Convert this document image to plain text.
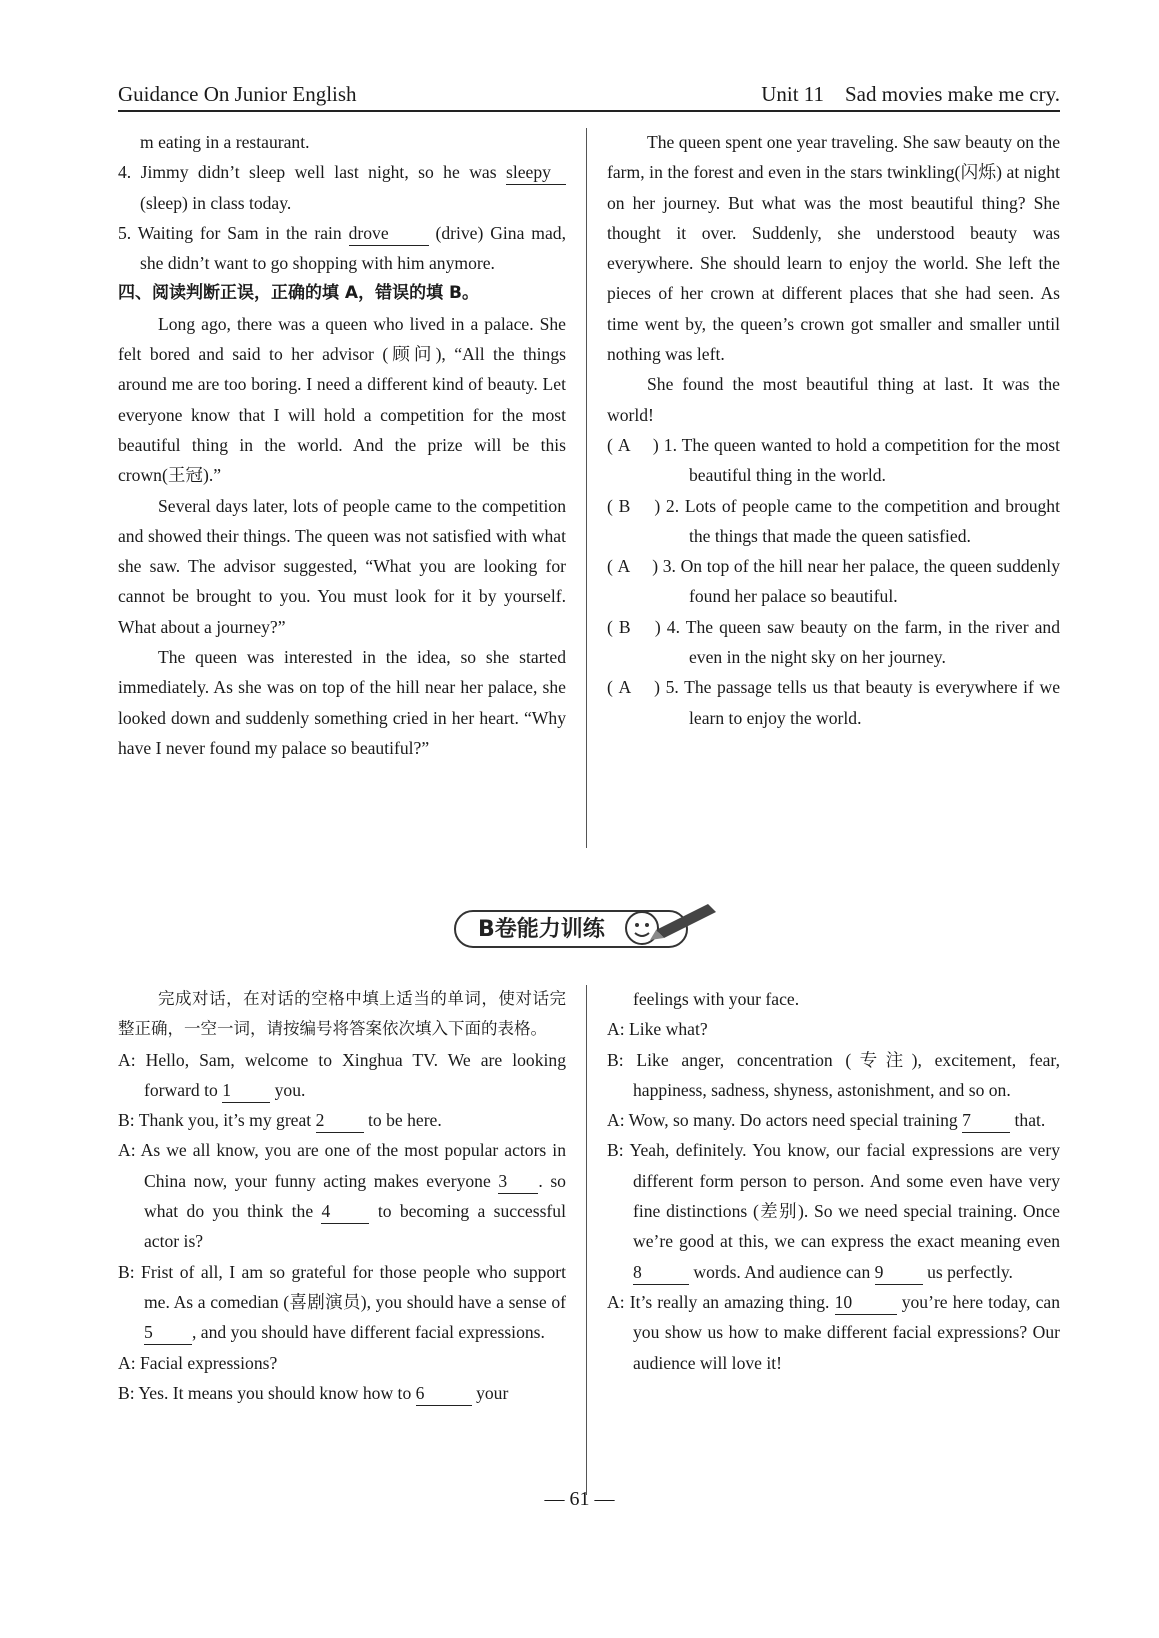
Guidance On Junior English	Unit 11    Sad movies make me cry.

m eating in a restaurant.

4. Jimmy didn’t sleep well last night, so he was sleepy (sleep) in class today.

5. Waiting for Sam in the rain drove	(drive) Gina mad, she didn’t want to go shopping with him anymore.

四、阅读判断正误，正确的填 A，错误的填 B。

Long ago, there was a queen who lived in a palace. She felt bored and said to her advisor (顾问), “All the things around me are too boring. I need a different kind of beauty. Let everyone know that I will hold a competition for the most beautiful thing in the world. And the prize will be this crown(王冠).”

Several days later, lots of people came to the competition and showed their things. The queen was not satisfied with what she saw. The advisor suggested, “What you are looking for cannot be brought to you. You must look for it by yourself. What about a journey?”

The queen was interested in the idea, so she started immediately. As she was on top of the hill near her palace, she looked down and suddenly something cried in her heart. “Why have I never found my palace so beautiful?”

The queen spent one year traveling. She saw beauty on the farm, in the forest and even in the stars twinkling(闪烁) at night on her journey. But what was the most beautiful thing? She thought it over. Suddenly, she understood beauty was everywhere. She should learn to enjoy the world. She left the pieces of her crown at different places that she had seen. As time went by, the queen’s crown got smaller and smaller until nothing was left.

She found the most beautiful thing at last. It was the world!

( A ) 1. The queen wanted to hold a competition for the most beautiful thing in the world.

( B ) 2. Lots of people came to the competition and brought the things that made the queen satisfied.

( A ) 3. On top of the hill near her palace, the queen suddenly found her palace so beautiful.

( B ) 4. The queen saw beauty on the farm, in the river and even in the night sky on her journey.

( A ) 5. The passage tells us that beauty is everywhere if we learn to enjoy the world.

B卷能力训练

完成对话，在对话的空格中填上适当的单词，使对话完整正确，一空一词，请按编号将答案依次填入下面的表格。

A: Hello, Sam, welcome to Xinghua TV. We are looking forward to 1 you.

B: Thank you, it’s my great 2 to be here.

A: As we all know, you are one of the most popular actors in China now, your funny acting makes everyone 3 . so what do you think the 4	to becoming a successful actor is?

B: Frist of all, I am so grateful for those people who support me. As a comedian (喜剧演员), you should have a sense of 5 , and you should have different facial expressions.

A: Facial expressions?

B: Yes. It means you should know how to 6	your

feelings with your face.

A: Like what?

B: Like anger, concentration (专注), excitement, fear, happiness, sadness, shyness, astonishment, and so on.

A: Wow, so many. Do actors need special training 7 that.

B: Yeah, definitely. You know, our facial expressions are very different form person to person. And some even have very fine distinctions (差别). So we need special training. Once we’re good at this, we can express the exact meaning even 8	words. And audience can 9 us perfectly.

A: It’s really an amazing thing. 10	you’re here today, can you show us how to make different facial expressions? Our audience will love it!

— 61 —
